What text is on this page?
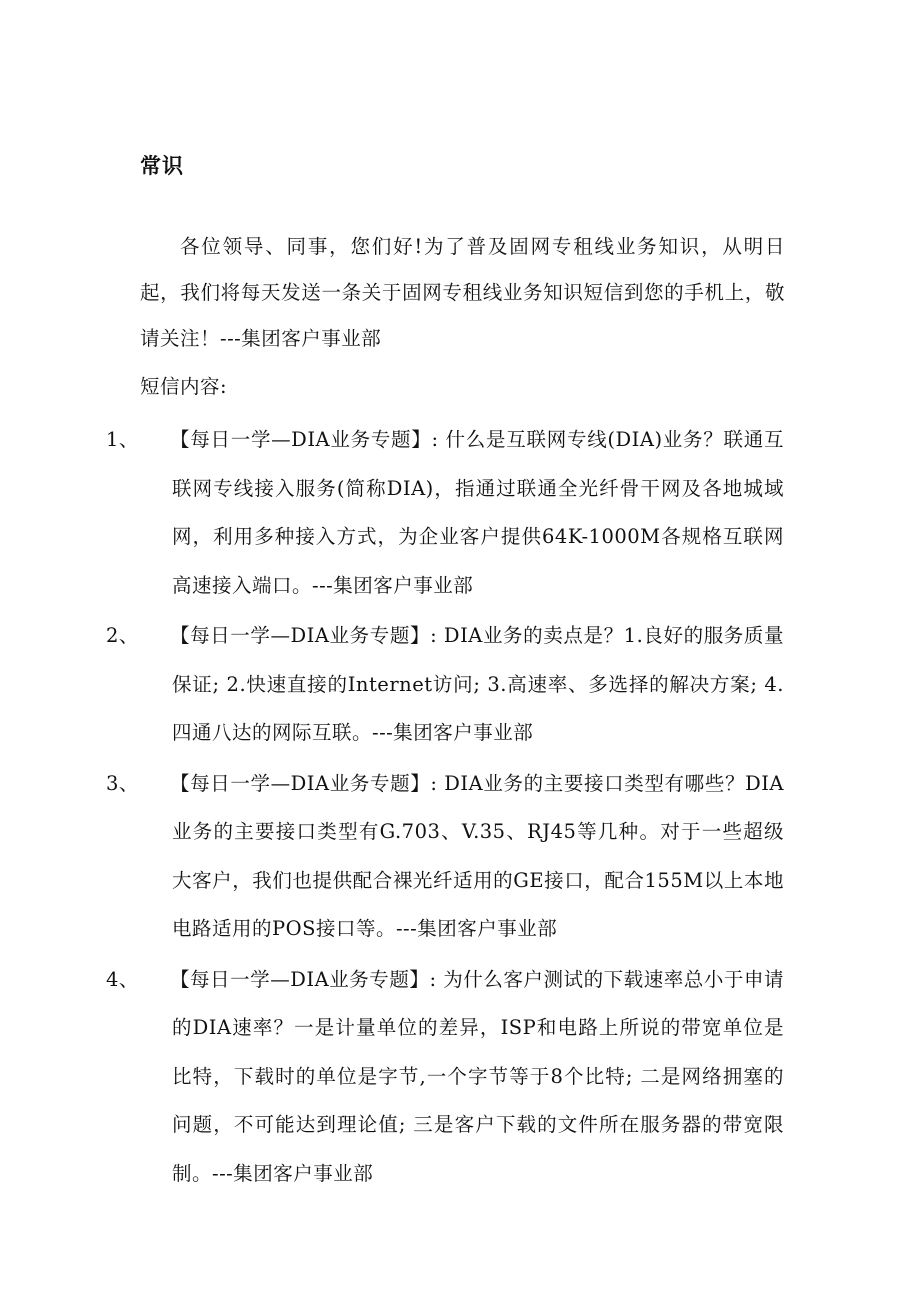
常识
各位领导、同事，您们好!为了普及固网专租线业务知识，从明日起，我们将每天发送一条关于固网专租线业务知识短信到您的手机上，敬请关注！---集团客户事业部
短信内容:
1、 【每日一学—DIA业务专题】: 什么是互联网专线(DIA)业务？联通互联网专线接入服务(简称DIA)，指通过联通全光纤骨干网及各地城域网，利用多种接入方式，为企业客户提供64K-1000M各规格互联网高速接入端口。---集团客户事业部
2、 【每日一学—DIA业务专题】: DIA业务的卖点是？1.良好的服务质量保证; 2.快速直接的Internet访问; 3.高速率、多选择的解决方案; 4.四通八达的网际互联。---集团客户事业部
3、 【每日一学—DIA业务专题】: DIA业务的主要接口类型有哪些？DIA业务的主要接口类型有G.703、V.35、RJ45等几种。对于一些超级大客户，我们也提供配合裸光纤适用的GE接口，配合155M以上本地电路适用的POS接口等。---集团客户事业部
4、 【每日一学—DIA业务专题】: 为什么客户测试的下载速率总小于申请的DIA速率？一是计量单位的差异，ISP和电路上所说的带宽单位是比特，下载时的单位是字节,一个字节等于8个比特; 二是网络拥塞的问题，不可能达到理论值; 三是客户下载的文件所在服务器的带宽限制。---集团客户事业部
